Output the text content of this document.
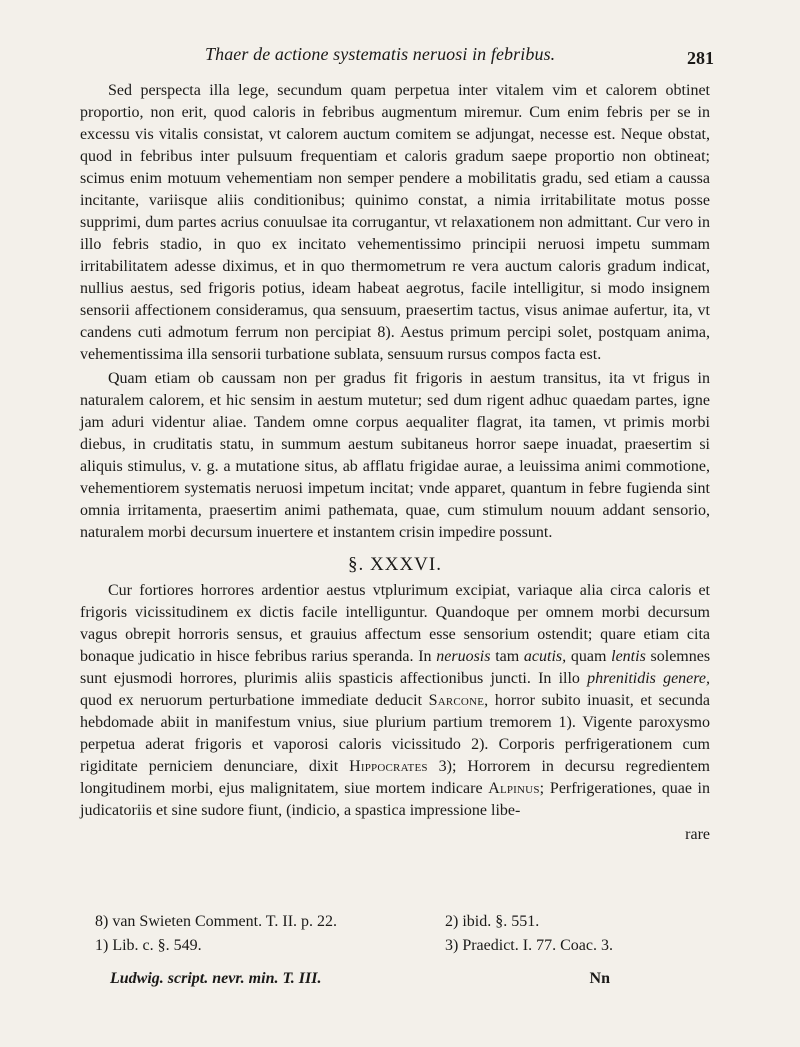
Thaer de actione systematis neruosi in febribus.	281

Sed perspecta illa lege, secundum quam perpetua inter vitalem vim et calorem obtinet proportio, non erit, quod caloris in febribus augmentum miremur. Cum enim febris per se in excessu vis vitalis consistat, vt calorem auctum comitem se adjungat, necesse est. Neque obstat, quod in febribus inter pulsuum frequentiam et caloris gradum saepe proportio non obtineat; scimus enim motuum vehementiam non semper pendere a mobilitatis gradu, sed etiam a caussa incitante, variisque aliis conditionibus; quinimo constat, a nimia irritabilitate motus posse supprimi, dum partes acrius conuulsae ita corrugantur, vt relaxationem non admittant. Cur vero in illo febris stadio, in quo ex incitato vehementissimo principii neruosi impetu summam irritabilitatem adesse diximus, et in quo thermometrum re vera auctum caloris gradum indicat, nullius aestus, sed frigoris potius, ideam habeat aegrotus, facile intelligitur, si modo insignem sensorii affectionem consideramus, qua sensuum, praesertim tactus, visus animae aufertur, ita, vt candens cuti admotum ferrum non percipiat 8). Aestus primum percipi solet, postquam anima, vehementissima illa sensorii turbatione sublata, sensuum rursus compos facta est.

Quam etiam ob caussam non per gradus fit frigoris in aestum transitus, ita vt frigus in naturalem calorem, et hic sensim in aestum mutetur; sed dum rigent adhuc quaedam partes, igne jam aduri videntur aliae. Tandem omne corpus aequaliter flagrat, ita tamen, vt primis morbi diebus, in cruditatis statu, in summum aestum subitaneus horror saepe inuadat, praesertim si aliquis stimulus, v. g. a mutatione situs, ab afflatu frigidae aurae, a leuissima animi commotione, vehementiorem systematis neruosi impetum incitat; vnde apparet, quantum in febre fugienda sint omnia irritamenta, praesertim animi pathemata, quae, cum stimulum nouum addant sensorio, naturalem morbi decursum inuertere et instantem crisin impedire possunt.

§. XXXVI.

Cur fortiores horrores ardentior aestus vtplurimum excipiat, variaque alia circa caloris et frigoris vicissitudinem ex dictis facile intelliguntur. Quandoque per omnem morbi decursum vagus obrepit horroris sensus, et grauius affectum esse sensorium ostendit; quare etiam cita bonaque judicatio in hisce febribus rarius speranda. In neruosis tam acutis, quam lentis solemnes sunt ejusmodi horrores, plurimis aliis spasticis affectionibus juncti. In illo phrenitidis genere, quod ex neruorum perturbatione immediate deducit Sarcone, horror subito inuasit, et secunda hebdomade abiit in manifestum vnius, siue plurium partium tremorem 1). Vigente paroxysmo perpetua aderat frigoris et vaporosi caloris vicissitudo 2). Corporis perfrigerationem cum rigiditate perniciem denunciare, dixit Hippocrates 3); Horrorem in decursu regredientem longitudinem morbi, ejus malignitatem, siue mortem indicare Alpinus; Perfrigerationes, quae in judicatoriis et sine sudore fiunt, (indicio, a spastica impressione libe-

rare

8) van Swieten Comment. T. II. p. 22.	2) ibid. §. 551.
1) Lib. c. §. 549.	3) Praedict. I. 77. Coac. 3.
Ludwig. script. nevr. min. T. III.	Nn
